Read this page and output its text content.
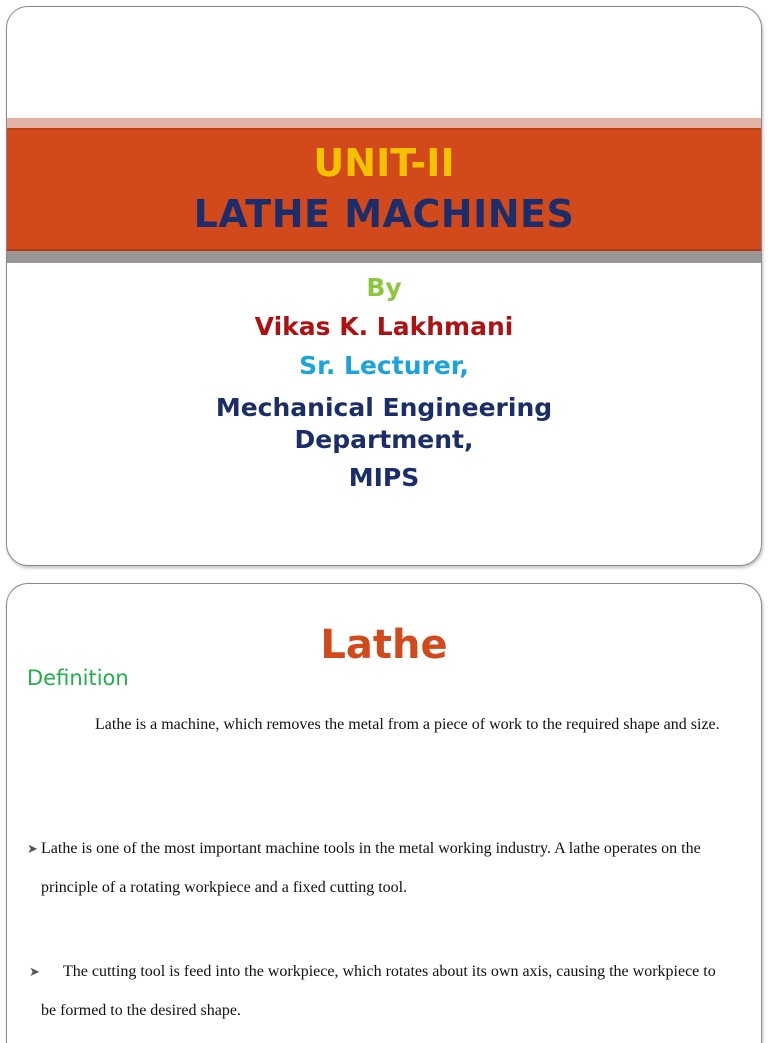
UNIT-II
LATHE MACHINES
By
Vikas K. Lakhmani
Sr. Lecturer,
Mechanical Engineering
Department,
MIPS
Lathe
Definition
Lathe is a machine, which removes the metal from a piece of work to the required shape and size.
➤ Lathe is one of the most important machine tools in the metal working industry. A lathe operates on the principle of a rotating workpiece and a fixed cutting tool.
➤ The cutting tool is feed into the workpiece, which rotates about its own axis, causing the workpiece to be formed to the desired shape.
